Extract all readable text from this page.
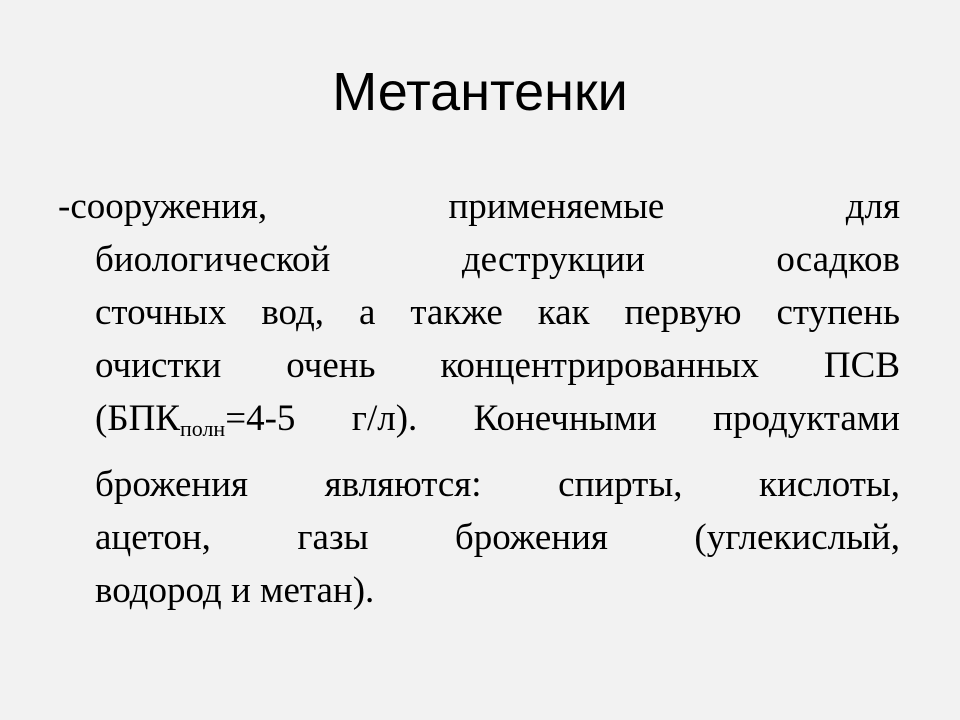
Метантенки
-сооружения,	применяемые	для
биологической	деструкции	осадков
сточных вод, а также как первую ступень
очистки очень концентрированных ПСВ
($БПК_{полн}=4-5$ г/л). Конечными продуктами
брожения являются: спирты, кислоты,
ацетон, газы брожения (углекислый,
водород и метан).
